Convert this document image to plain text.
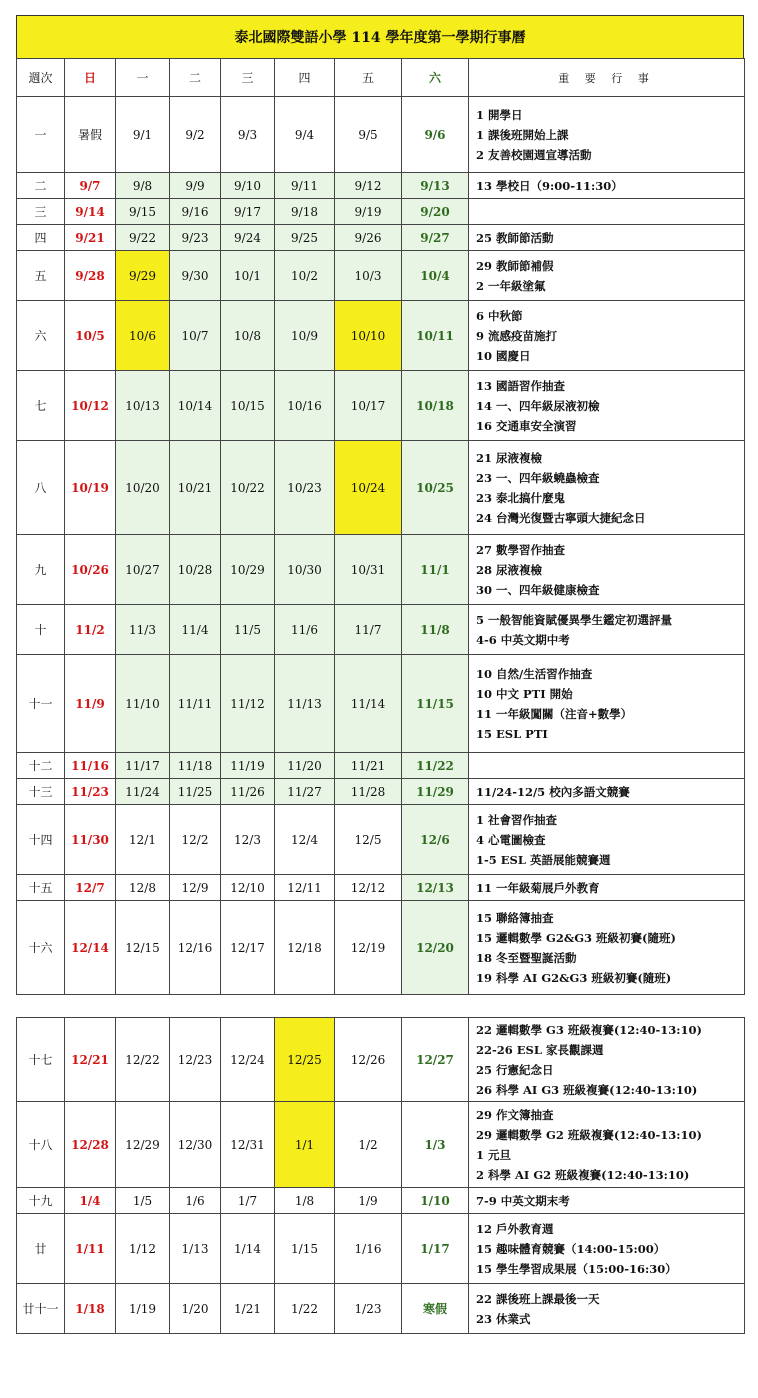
泰北國際雙語小學 114 學年度第一學期行事曆
週次	日	一	二	三	四	五	六	重 要 行 事
一	暑假	9/1	9/2	9/3	9/4	9/5	9/6	1 開學日
1 課後班開始上課
2 友善校園週宣導活動

二	9/7	9/8	9/9	9/10	9/11	9/12	9/13	13 學校日（9:00-11:30）

三	9/14	9/15	9/16	9/17	9/18	9/19	9/20	
四	9/21	9/22	9/23	9/24	9/25	9/26	9/27	25 教師節活動

五	9/28	9/29	9/30	10/1	10/2	10/3	10/4	29 教師節補假
2 一年級塗氟

六	10/5	10/6	10/7	10/8	10/9	10/10	10/11	6 中秋節
9 流感疫苗施打
10 國慶日

七	10/12	10/13	10/14	10/15	10/16	10/17	10/18	13 國語習作抽查
14 一、四年級尿液初檢
16 交通車安全演習

八	10/19	10/20	10/21	10/22	10/23	10/24	10/25	21 尿液複檢
23 一、四年級蟯蟲檢查
23 泰北搞什麼鬼
24 台灣光復暨古寧頭大捷紀念日

九	10/26	10/27	10/28	10/29	10/30	10/31	11/1	27 數學習作抽查
28 尿液複檢
30 一、四年級健康檢查

十	11/2	11/3	11/4	11/5	11/6	11/7	11/8	5 一般智能資賦優異學生鑑定初選評量
4-6 中英文期中考

十一	11/9	11/10	11/11	11/12	11/13	11/14	11/15	10 自然/生活習作抽查
10 中文 PTI 開始
11 一年級闖關（注音+數學）
15 ESL PTI

十二	11/16	11/17	11/18	11/19	11/20	11/21	11/22	
十三	11/23	11/24	11/25	11/26	11/27	11/28	11/29	11/24-12/5 校內多語文競賽

十四	11/30	12/1	12/2	12/3	12/4	12/5	12/6	1 社會習作抽查
4 心電圖檢查
1-5 ESL 英語展能競賽週

十五	12/7	12/8	12/9	12/10	12/11	12/12	12/13	11 一年級菊展戶外教育

十六	12/14	12/15	12/16	12/17	12/18	12/19	12/20	15 聯絡簿抽查
15 邏輯數學 G2&G3 班級初賽(隨班)
18 冬至暨聖誕活動
19 科學 AI G2&G3 班級初賽(隨班)
十七	12/21	12/22	12/23	12/24	12/25	12/26	12/27	22 邏輯數學 G3 班級複賽(12:40-13:10)
22-26 ESL 家長觀課週
25 行憲紀念日
26 科學 AI G3 班級複賽(12:40-13:10)

十八	12/28	12/29	12/30	12/31	1/1	1/2	1/3	29 作文簿抽查
29 邏輯數學 G2 班級複賽(12:40-13:10)
1 元旦
2 科學 AI G2 班級複賽(12:40-13:10)

十九	1/4	1/5	1/6	1/7	1/8	1/9	1/10	7-9 中英文期末考

廿	1/11	1/12	1/13	1/14	1/15	1/16	1/17	12 戶外教育週
15 趣味體育競賽（14:00-15:00）
15 學生學習成果展（15:00-16:30）

廿十一	1/18	1/19	1/20	1/21	1/22	1/23	寒假	22 課後班上課最後一天
23 休業式
